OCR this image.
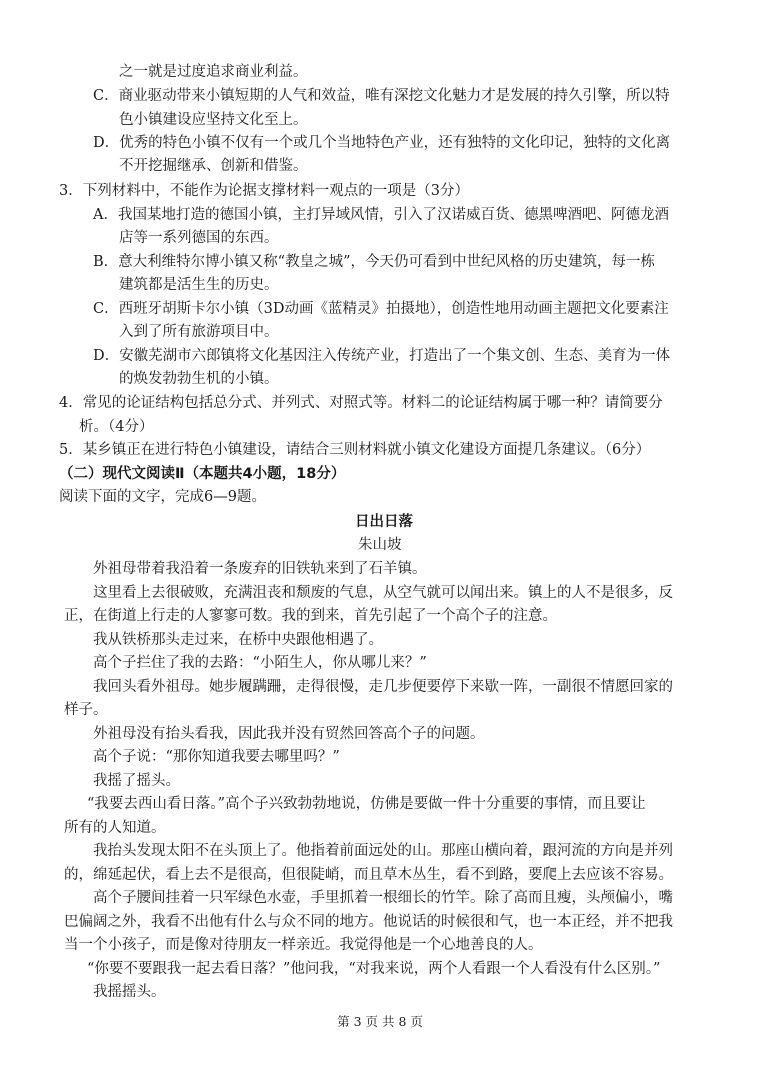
之一就是过度追求商业利益。
C．商业驱动带来小镇短期的人气和效益，唯有深挖文化魅力才是发展的持久引擎，所以特
色小镇建设应坚持文化至上。
D．优秀的特色小镇不仅有一个或几个当地特色产业，还有独特的文化印记，独特的文化离
不开挖掘继承、创新和借鉴。
3．下列材料中，不能作为论据支撑材料一观点的一项是（3分）
A．我国某地打造的德国小镇，主打异域风情，引入了汉诺威百货、德黑啤酒吧、阿德龙酒
店等一系列德国的东西。
B．意大利维特尔博小镇又称“教皇之城”，今天仍可看到中世纪风格的历史建筑，每一栋
建筑都是活生生的历史。
C．西班牙胡斯卡尔小镇（3D动画《蓝精灵》拍摄地），创造性地用动画主题把文化要素注
入到了所有旅游项目中。
D．安徽芜湖市六郎镇将文化基因注入传统产业，打造出了一个集文创、生态、美育为一体
的焕发勃勃生机的小镇。
4．常见的论证结构包括总分式、并列式、对照式等。材料二的论证结构属于哪一种？请简要分
析。（4分）
5．某乡镇正在进行特色小镇建设，请结合三则材料就小镇文化建设方面提几条建议。（6分）
（二）现代文阅读Ⅱ（本题共4小题，18分）
阅读下面的文字，完成6—9题。
日出日落
朱山坡
外祖母带着我沿着一条废弃的旧铁轨来到了石羊镇。
这里看上去很破败，充满沮丧和颓废的气息，从空气就可以闻出来。镇上的人不是很多，反
正，在街道上行走的人寥寥可数。我的到来，首先引起了一个高个子的注意。
我从铁桥那头走过来，在桥中央跟他相遇了。
高个子拦住了我的去路：“小陌生人，你从哪儿来？”
我回头看外祖母。她步履蹒跚，走得很慢，走几步便要停下来歇一阵，一副很不情愿回家的
样子。
外祖母没有抬头看我，因此我并没有贸然回答高个子的问题。
高个子说：“那你知道我要去哪里吗？”
我摇了摇头。
“我要去西山看日落。”高个子兴致勃勃地说，仿佛是要做一件十分重要的事情，而且要让
所有的人知道。
我抬头发现太阳不在头顶上了。他指着前面远处的山。那座山横向着，跟河流的方向是并列
的，绵延起伏，看上去不是很高，但很陡峭，而且草木丛生，看不到路，要爬上去应该不容易。
高个子腰间挂着一只军绿色水壶，手里抓着一根细长的竹竿。除了高而且瘦，头颅偏小，嘴
巴偏阔之外，我看不出他有什么与众不同的地方。他说话的时候很和气，也一本正经，并不把我
当一个小孩子，而是像对待朋友一样亲近。我觉得他是一个心地善良的人。
“你要不要跟我一起去看日落？”他问我，“对我来说，两个人看跟一个人看没有什么区别。”
我摇摇头。
第 3 页 共 8 页
